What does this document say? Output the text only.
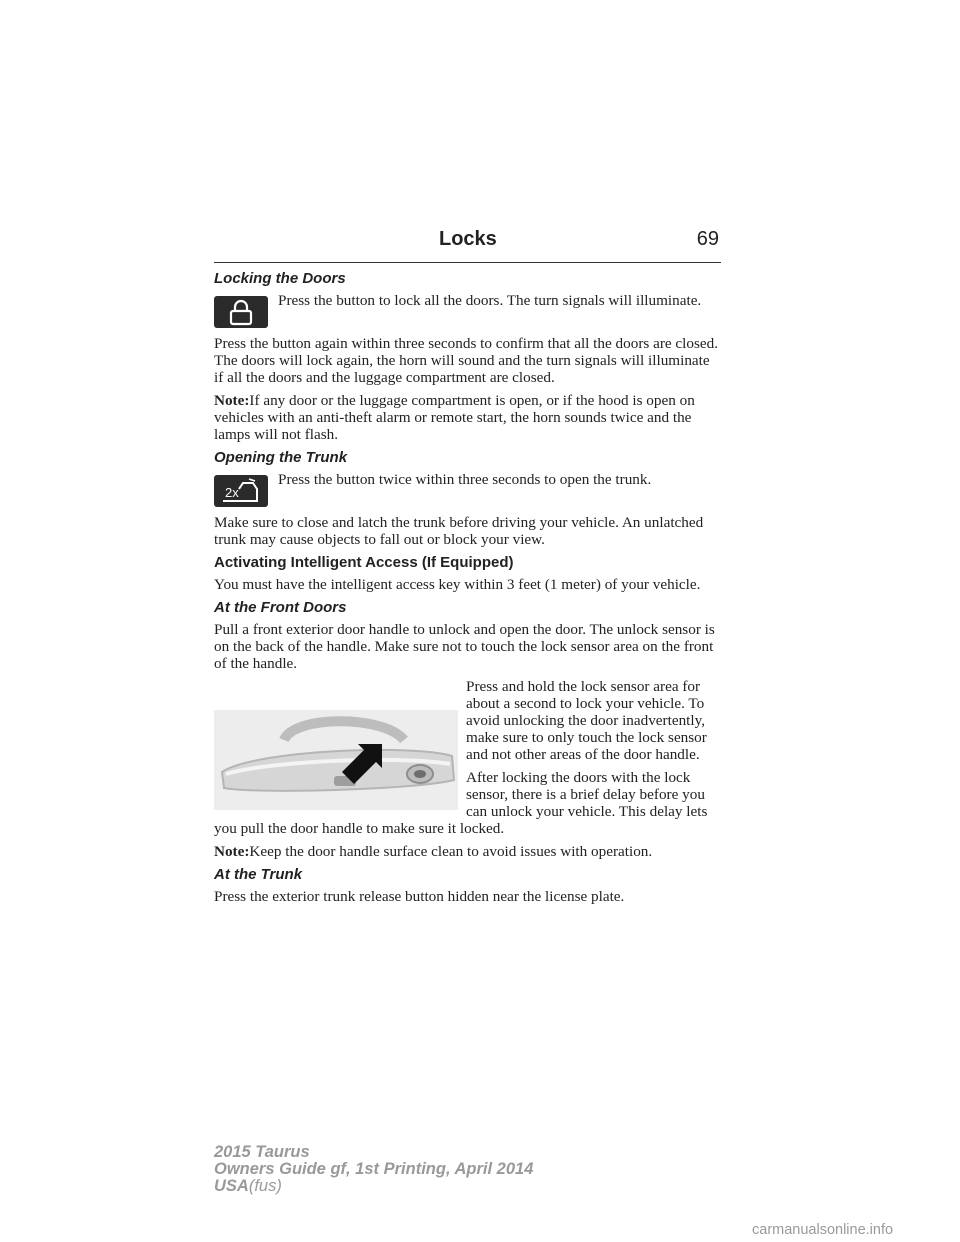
Locks	69
Locking the Doors
Press the button to lock all the doors. The turn signals will illuminate.

Press the button again within three seconds to confirm that all the doors are closed. The doors will lock again, the horn will sound and the turn signals will illuminate if all the doors and the luggage compartment are closed.

Note:If any door or the luggage compartment is open, or if the hood is open on vehicles with an anti-theft alarm or remote start, the horn sounds twice and the lamps will not flash.

Opening the Trunk
2x
Press the button twice within three seconds to open the trunk.

Make sure to close and latch the trunk before driving your vehicle. An unlatched trunk may cause objects to fall out or block your view.

Activating Intelligent Access (If Equipped)

You must have the intelligent access key within 3 feet (1 meter) of your vehicle.

At the Front Doors

Pull a front exterior door handle to unlock and open the door. The unlock sensor is on the back of the handle. Make sure not to touch the lock sensor area on the front of the handle.

Press and hold the lock sensor area for about a second to lock your vehicle. To avoid unlocking the door inadvertently, make sure to only touch the lock sensor and not other areas of the door handle.

After locking the doors with the lock sensor, there is a brief delay before you can unlock your vehicle. This delay lets you pull the door handle to make sure it locked.

Note:Keep the door handle surface clean to avoid issues with operation.

At the Trunk

Press the exterior trunk release button hidden near the license plate.

2015 Taurus
Owners Guide gf, 1st Printing, April 2014
USA(fus)
carmanualsonline.info
